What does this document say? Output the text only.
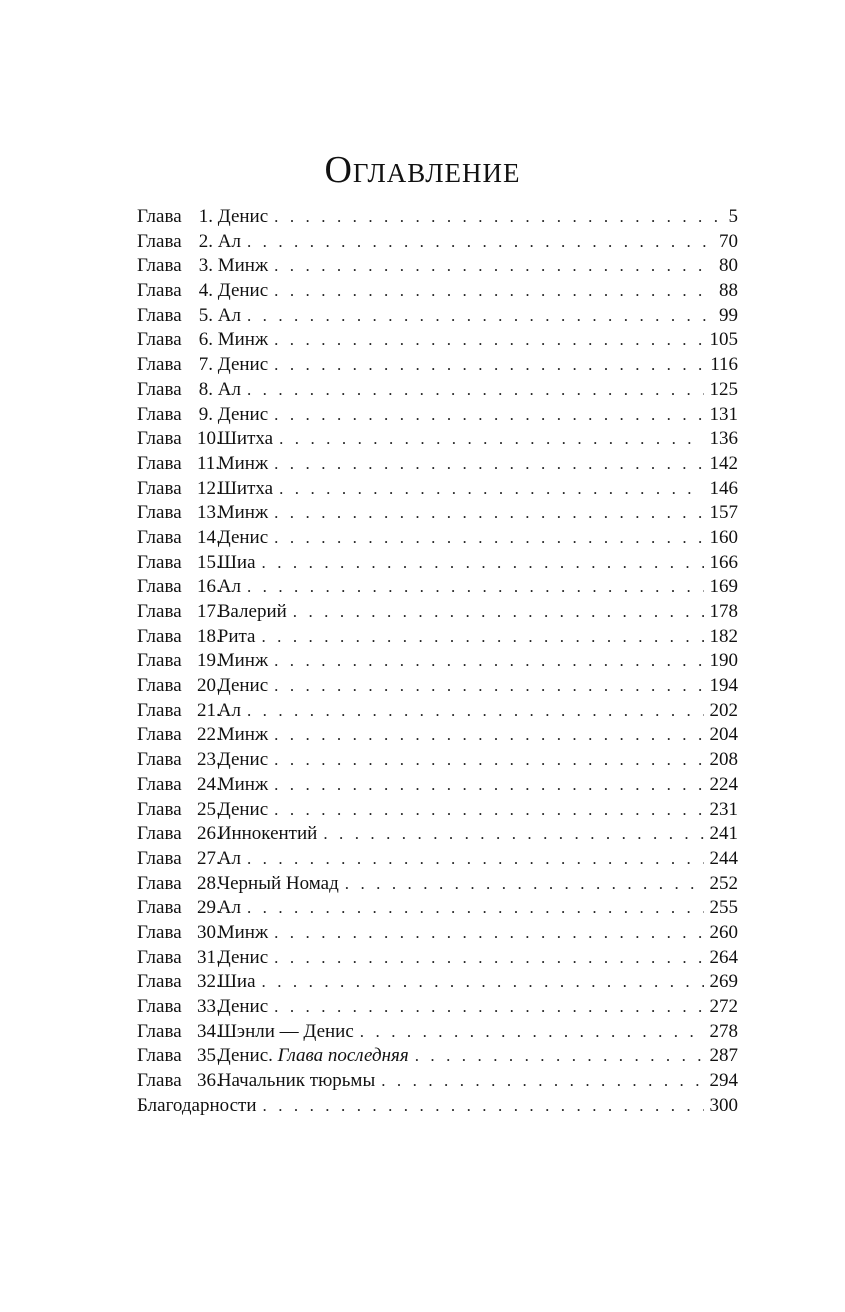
Оглавление
Глава 1. Денис . . .	5
Глава 2. Ал . . .	70
Глава 3. Минж . . .	80
Глава 4. Денис . . .	88
Глава 5. Ал . . .	99
Глава 6. Минж . . .	105
Глава 7. Денис . . .	116
Глава 8. Ал . . .	125
Глава 9. Денис . . .	131
Глава 10. Шитха . . .	136
Глава 11. Минж . . .	142
Глава 12. Шитха . . .	146
Глава 13. Минж . . .	157
Глава 14. Денис . . .	160
Глава 15. Шиа . . .	166
Глава 16. Ал . . .	169
Глава 17. Валерий . . .	178
Глава 18. Рита . . .	182
Глава 19. Минж . . .	190
Глава 20. Денис . . .	194
Глава 21. Ал . . .	202
Глава 22. Минж . . .	204
Глава 23. Денис . . .	208
Глава 24. Минж . . .	224
Глава 25. Денис . . .	231
Глава 26. Иннокентий . . .	241
Глава 27. Ал . . .	244
Глава 28. Черный Номад . . .	252
Глава 29. Ал . . .	255
Глава 30. Минж . . .	260
Глава 31. Денис . . .	264
Глава 32. Шиа . . .	269
Глава 33. Денис . . .	272
Глава 34. Шэнли — Денис . . .	278
Глава 35. Денис. Глава последняя . . .	287
Глава 36. Начальник тюрьмы . . .	294
Благодарности . . .	300
